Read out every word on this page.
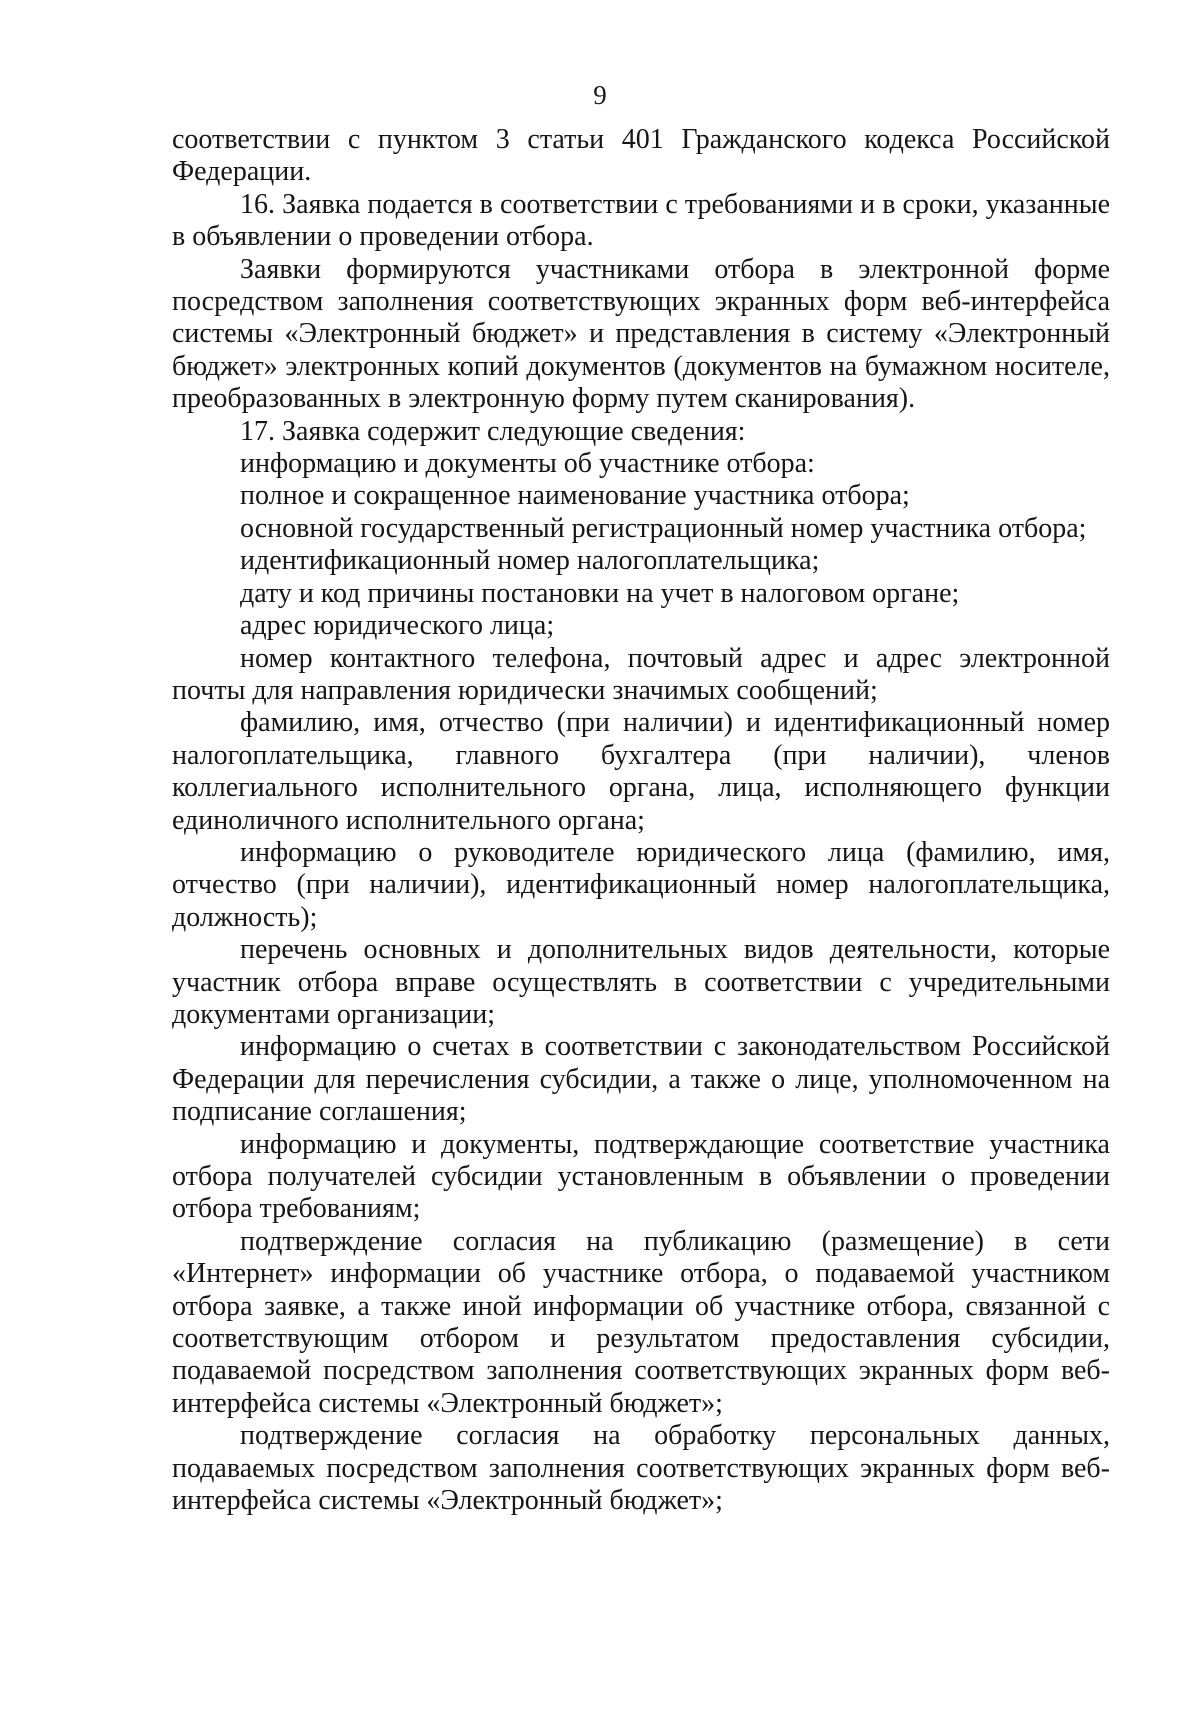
9

соответствии с пунктом 3 статьи 401 Гражданского кодекса Российской Федерации.

16. Заявка подается в соответствии с требованиями и в сроки, указанные в объявлении о проведении отбора.

Заявки формируются участниками отбора в электронной форме посредством заполнения соответствующих экранных форм веб-интерфейса системы «Электронный бюджет» и представления в систему «Электронный бюджет» электронных копий документов (документов на бумажном носителе, преобразованных в электронную форму путем сканирования).

17. Заявка содержит следующие сведения:

информацию и документы об участнике отбора:

полное и сокращенное наименование участника отбора;

основной государственный регистрационный номер участника отбора;

идентификационный номер налогоплательщика;

дату и код причины постановки на учет в налоговом органе;

адрес юридического лица;

номер контактного телефона, почтовый адрес и адрес электронной почты для направления юридически значимых сообщений;

фамилию, имя, отчество (при наличии) и идентификационный номер налогоплательщика, главного бухгалтера (при наличии), членов коллегиального исполнительного органа, лица, исполняющего функции единоличного исполнительного органа;

информацию о руководителе юридического лица (фамилию, имя, отчество (при наличии), идентификационный номер налогоплательщика, должность);

перечень основных и дополнительных видов деятельности, которые участник отбора вправе осуществлять в соответствии с учредительными документами организации;

информацию о счетах в соответствии с законодательством Российской Федерации для перечисления субсидии, а также о лице, уполномоченном на подписание соглашения;

информацию и документы, подтверждающие соответствие участника отбора получателей субсидии установленным в объявлении о проведении отбора требованиям;

подтверждение согласия на публикацию (размещение) в сети «Интернет» информации об участнике отбора, о подаваемой участником отбора заявке, а также иной информации об участнике отбора, связанной с соответствующим отбором и результатом предоставления субсидии, подаваемой посредством заполнения соответствующих экранных форм веб-интерфейса системы «Электронный бюджет»;

подтверждение согласия на обработку персональных данных, подаваемых посредством заполнения соответствующих экранных форм веб-интерфейса системы «Электронный бюджет»;
